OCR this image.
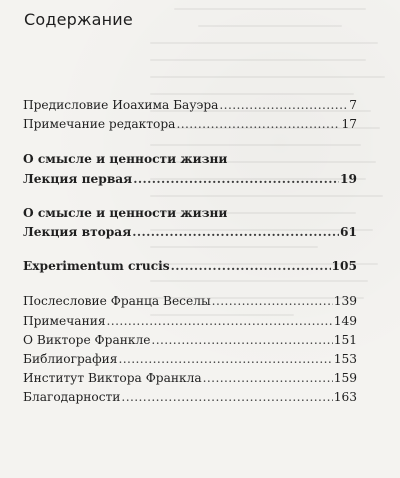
Содержание
Предисловие Иоахима Бауэра .....	7
Примечание редактора .....	17
О смысле и ценности жизни
Лекция первая .....	19
О смысле и ценности жизни
Лекция вторая .....	61
Experimentum crucis .....	105
Послесловие Франца Веселы .....	139
Примечания .....	149
О Викторе Франкле .....	151
Библиография .....	153
Институт Виктора Франкла .....	159
Благодарности .....	163
